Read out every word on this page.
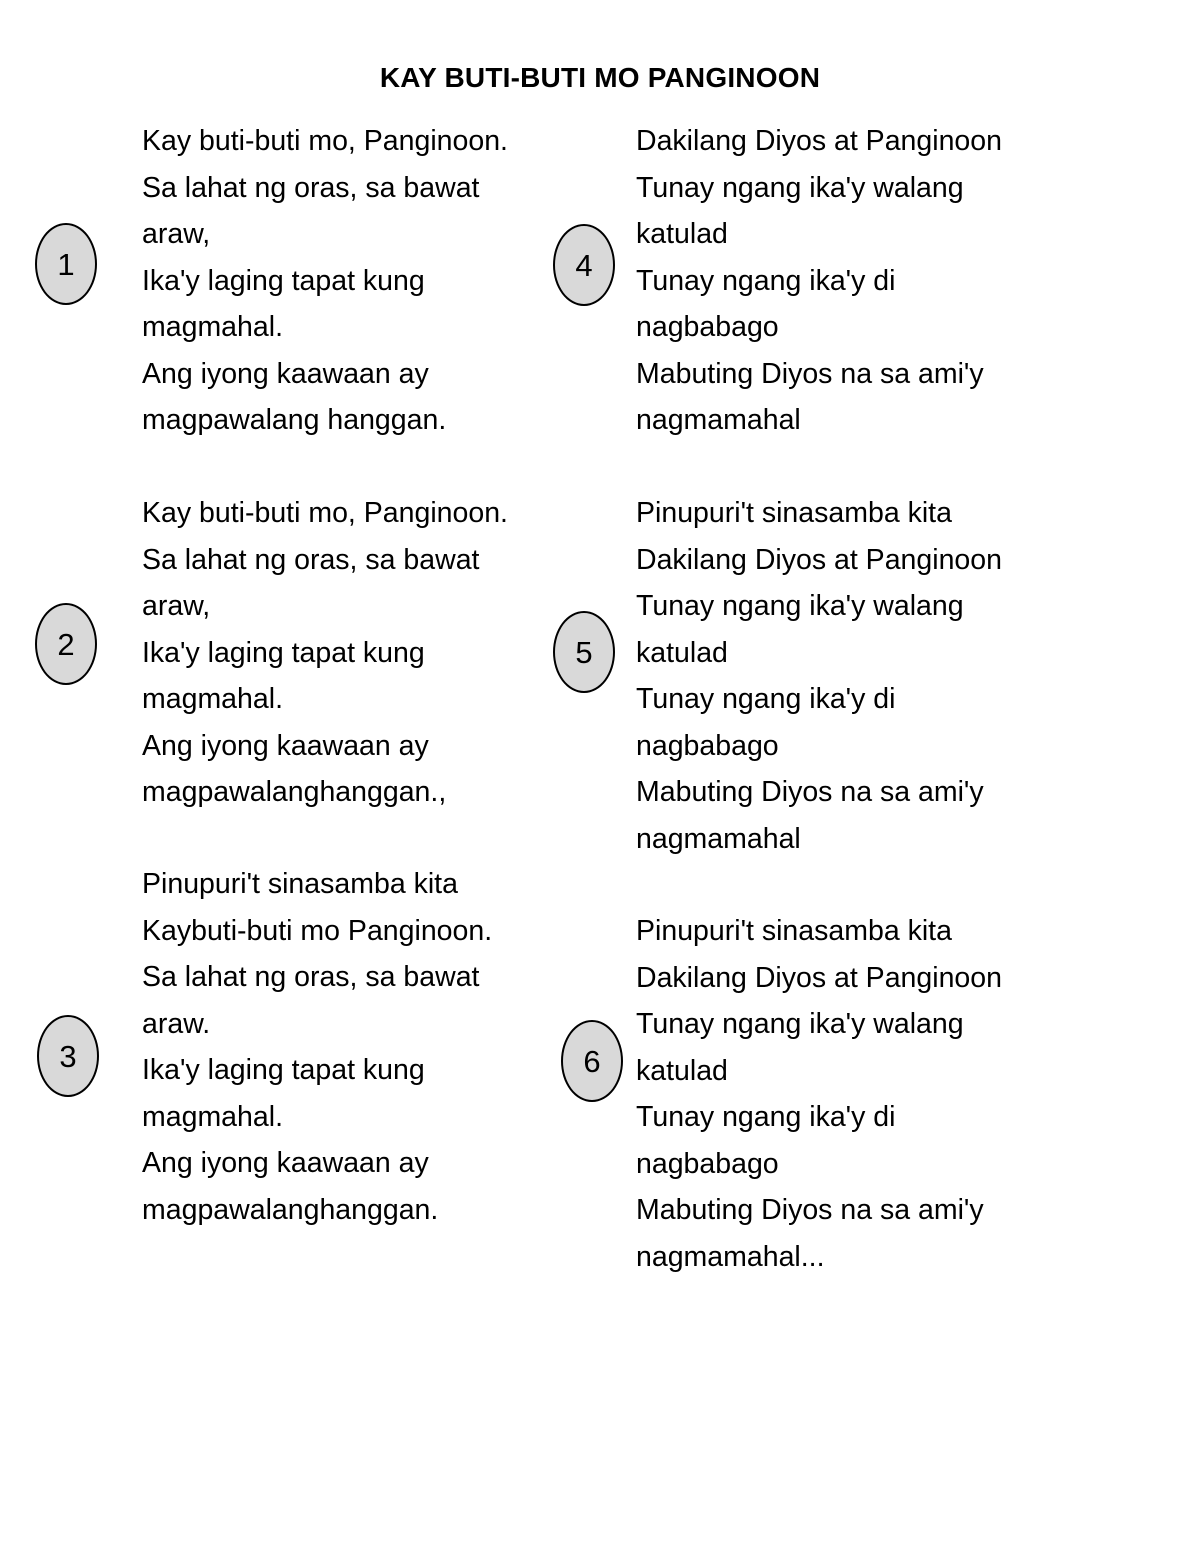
KAY BUTI-BUTI MO PANGINOON
1
Kay buti-buti mo, Panginoon.
Sa lahat ng oras, sa bawat
araw,
Ika'y laging tapat kung
magmahal.
Ang iyong kaawaan ay
magpawalang hanggan.
2
Kay buti-buti mo, Panginoon.
Sa lahat ng oras, sa bawat
araw,
Ika'y laging tapat kung
magmahal.
Ang iyong kaawaan ay
magpawalanghanggan.,
3
Pinupuri't sinasamba kita
Kaybuti-buti mo Panginoon.
Sa lahat ng oras, sa bawat
araw.
Ika'y laging tapat kung
magmahal.
Ang iyong kaawaan ay
magpawalanghanggan.
4
Dakilang Diyos at Panginoon
Tunay ngang ika'y walang
katulad
Tunay ngang ika'y di
nagbabago
Mabuting Diyos na sa ami'y
nagmamahal
5
Pinupuri't sinasamba kita
Dakilang Diyos at Panginoon
Tunay ngang ika'y walang
katulad
Tunay ngang ika'y di
nagbabago
Mabuting Diyos na sa ami'y
nagmamahal
6
Pinupuri't sinasamba kita
Dakilang Diyos at Panginoon
Tunay ngang ika'y walang
katulad
Tunay ngang ika'y di
nagbabago
Mabuting Diyos na sa ami'y
nagmamahal...
